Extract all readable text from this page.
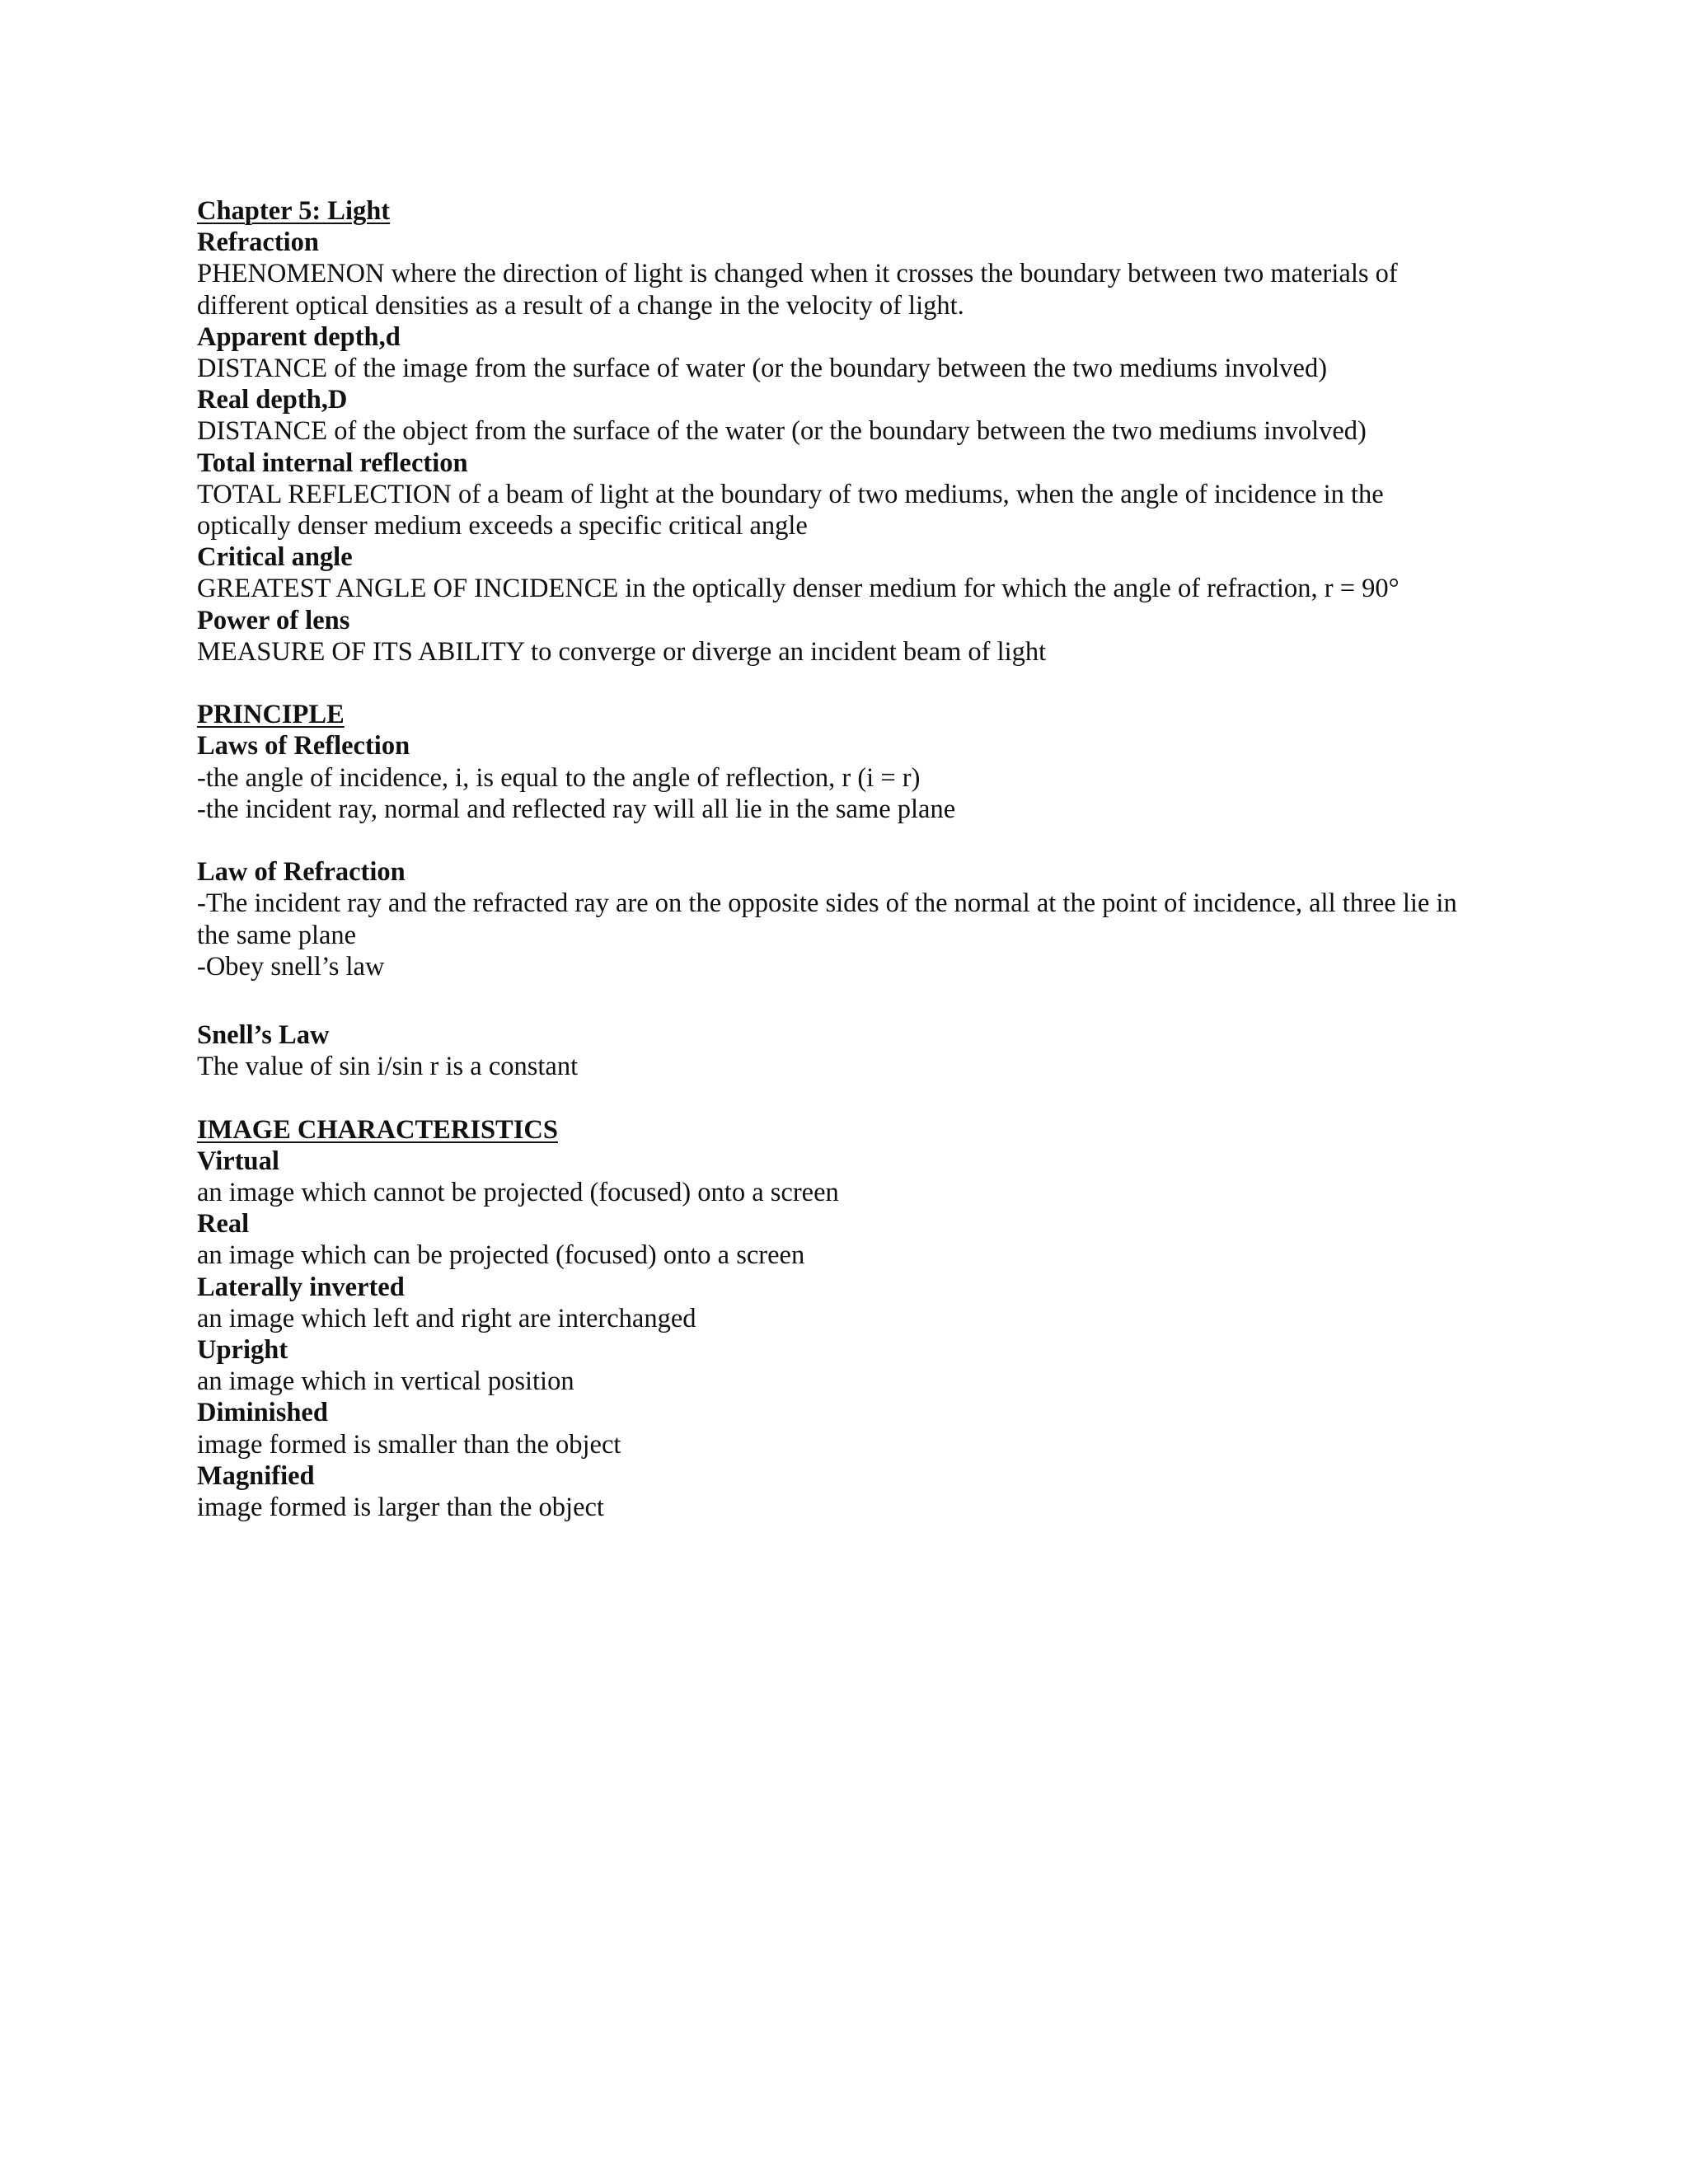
Chapter 5: Light
Refraction
PHENOMENON where the direction of light is changed when it crosses the boundary between two materials of different optical densities as a result of a change in the velocity of light.
Apparent depth,d
DISTANCE of the image from the surface of water (or the boundary between the two mediums involved)
Real depth,D
DISTANCE of the object from the surface of the water (or the boundary between the two mediums involved)
Total internal reflection
TOTAL REFLECTION of a beam of light at the boundary of two mediums, when the angle of incidence in the optically denser medium exceeds a specific critical angle
Critical angle
GREATEST ANGLE OF INCIDENCE in the optically denser medium for which the angle of refraction, r = 90°
Power of lens
MEASURE OF ITS ABILITY to converge or diverge an incident beam of light
PRINCIPLE
Laws of Reflection
-the angle of incidence, i, is equal to the angle of reflection, r (i = r)
-the incident ray, normal and reflected ray will all lie in the same plane
Law of Refraction
-The incident ray and the refracted ray are on the opposite sides of the normal at the point of incidence, all three lie in the same plane
-Obey snell’s law
Snell’s Law
The value of sin i/sin r is a constant
IMAGE CHARACTERISTICS
Virtual
an image which cannot be projected (focused) onto a screen
Real
an image which can be projected (focused) onto a screen
Laterally inverted
an image which left and right are interchanged
Upright
an image which in vertical position
Diminished
image formed is smaller than the object
Magnified
image formed is larger than the object
